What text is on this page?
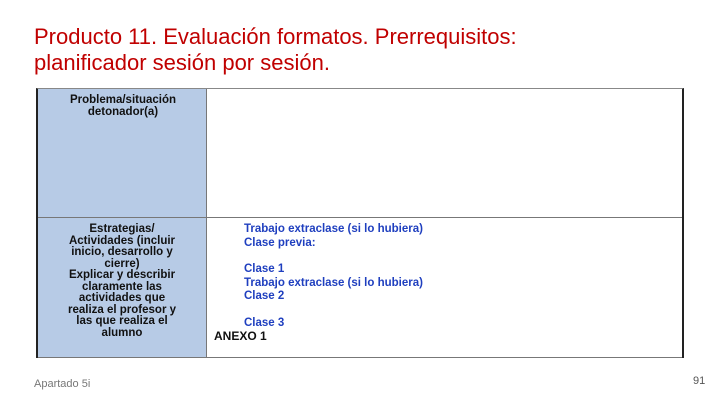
Producto 11. Evaluación formatos. Prerrequisitos:
planificador sesión por sesión.
Problema/situación
detonador(a)
Estrategias/
Actividades (incluir
inicio, desarrollo y
cierre)
Explicar y describir
claramente las
actividades que
realiza el profesor y
las que realiza el
alumno
Trabajo extraclase (si lo hubiera)
Clase previa:
Clase 1
Trabajo extraclase (si lo hubiera)
Clase 2
Clase 3
ANEXO 1
Apartado 5i	91
